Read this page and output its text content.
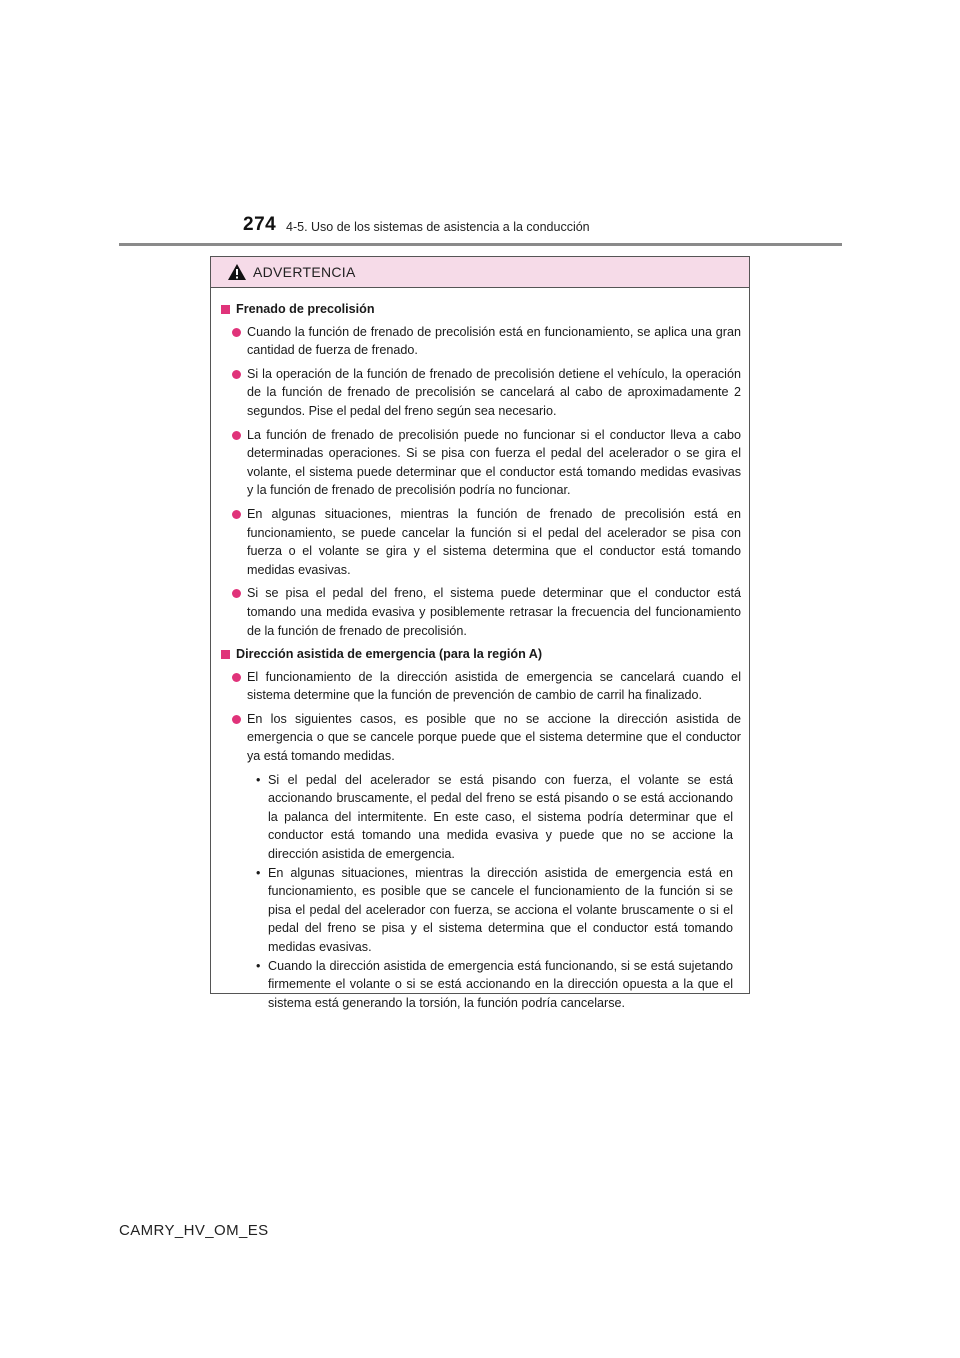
274 4-5. Uso de los sistemas de asistencia a la conducción
ADVERTENCIA
Frenado de precolisión
Cuando la función de frenado de precolisión está en funcionamiento, se aplica una gran cantidad de fuerza de frenado.
Si la operación de la función de frenado de precolisión detiene el vehículo, la operación de la función de frenado de precolisión se cancelará al cabo de aproximadamente 2 segundos. Pise el pedal del freno según sea necesario.
La función de frenado de precolisión puede no funcionar si el conductor lleva a cabo determinadas operaciones. Si se pisa con fuerza el pedal del acelerador o se gira el volante, el sistema puede determinar que el conductor está tomando medidas evasivas y la función de frenado de precolisión podría no funcionar.
En algunas situaciones, mientras la función de frenado de precolisión está en funcionamiento, se puede cancelar la función si el pedal del acelerador se pisa con fuerza o el volante se gira y el sistema determina que el conductor está tomando medidas evasivas.
Si se pisa el pedal del freno, el sistema puede determinar que el conductor está tomando una medida evasiva y posiblemente retrasar la frecuencia del funcionamiento de la función de frenado de precolisión.
Dirección asistida de emergencia (para la región A)
El funcionamiento de la dirección asistida de emergencia se cancelará cuando el sistema determine que la función de prevención de cambio de carril ha finalizado.
En los siguientes casos, es posible que no se accione la dirección asistida de emergencia o que se cancele porque puede que el sistema determine que el conductor ya está tomando medidas.
• Si el pedal del acelerador se está pisando con fuerza, el volante se está accionando bruscamente, el pedal del freno se está pisando o se está accionando la palanca del intermitente. En este caso, el sistema podría determinar que el conductor está tomando una medida evasiva y puede que no se accione la dirección asistida de emergencia.
• En algunas situaciones, mientras la dirección asistida de emergencia está en funcionamiento, es posible que se cancele el funcionamiento de la función si se pisa el pedal del acelerador con fuerza, se acciona el volante bruscamente o si el pedal del freno se pisa y el sistema determina que el conductor está tomando medidas evasivas.
• Cuando la dirección asistida de emergencia está funcionando, si se está sujetando firmemente el volante o si se está accionando en la dirección opuesta a la que el sistema está generando la torsión, la función podría cancelarse.
CAMRY_HV_OM_ES
